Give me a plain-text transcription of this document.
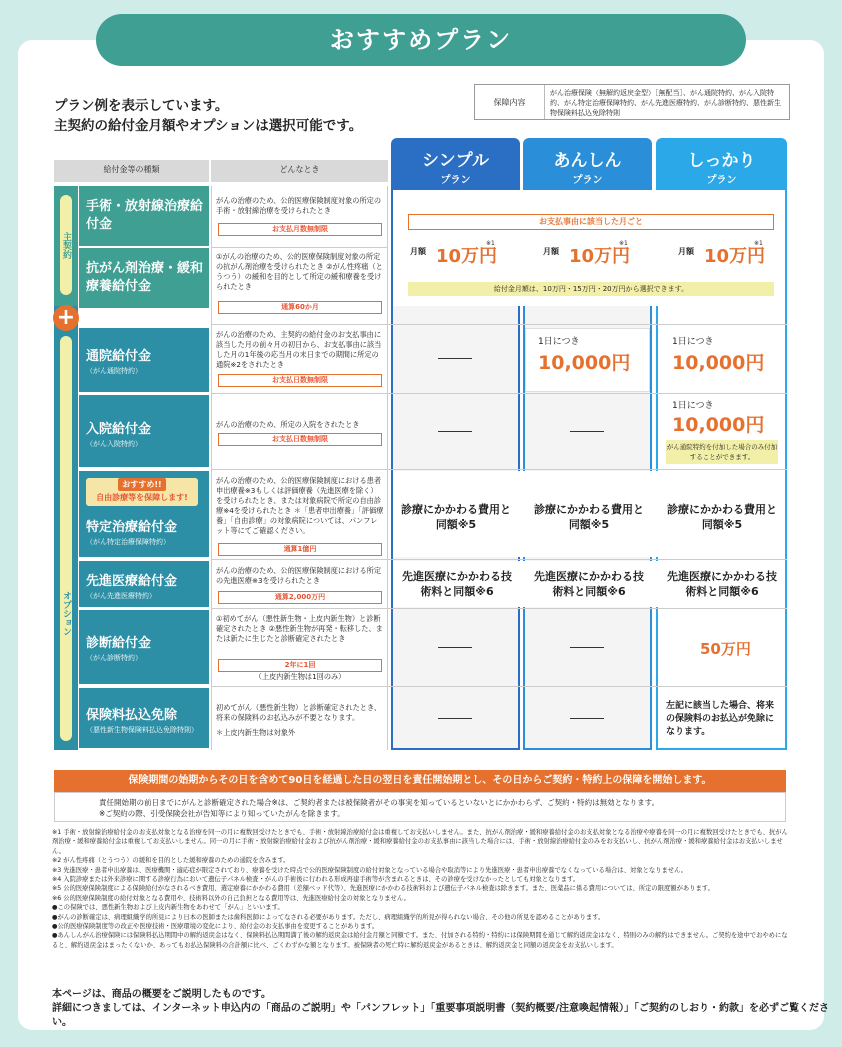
おすすめプラン
プラン例を表示しています。
主契約の給付金月額やオプションは選択可能です。
保障内容
がん治療保険（無解約返戻金型）［無配当］、がん通院特約、がん入院特約、がん特定治療保障特約、がん先進医療特約、がん診断特約、悪性新生物保険料払込免除特則
給付金等の種類	どんなとき	シンプル
プラン
あんしん
プラン
しっかり
プラン
主契約
オプション
+
手術・放射線治療給付金
抗がん剤治療・緩和療養給付金
通院給付金
（がん通院特約）
入院給付金
（がん入院特約）
おすすめ!!
自由診療等を保障します!
特定治療給付金
（がん特定治療保障特約）
先進医療給付金
（がん先進医療特約）
診断給付金
（がん診断特約）
保険料払込免除
（悪性新生物保険料払込免除特則）
がんの治療のため、公的医療保険制度対象の所定の手術・放射線治療を受けられたとき
お支払月数無制限
①がんの治療のため、公的医療保険制度対象の所定の抗がん剤治療を受けられたとき ②がん性疼痛（とうつう）の緩和を目的として所定の緩和療養を受けられたとき
通算60か月
がんの治療のため、主契約の給付金のお支払事由に該当した月の前々月の初日から、お支払事由に該当した月の1年後の応当月の末日までの期間に所定の通院※2をされたとき
お支払日数無制限
がんの治療のため、所定の入院をされたとき
お支払日数無制限
がんの治療のため、公的医療保険制度における患者申出療養※3もしくは評価療養（先進医療を除く）を受けられたとき、または対象病院で所定の自由診療※4を受けられたとき ＊「患者申出療養」「評価療養」「自由診療」の対象病院については、パンフレット等にてご確認ください。
通算1億円
がんの治療のため、公的医療保険制度における所定の先進医療※3を受けられたとき
通算2,000万円
①初めてがん（悪性新生物・上皮内新生物）と診断確定されたとき ②悪性新生物が再発・転移した、または新たに生じたと診断確定されたとき
2年に1回
（上皮内新生物は1回のみ）
初めてがん（悪性新生物）と診断確定されたとき、将来の保険料のお払込みが不要となります。
＊上皮内新生物は対象外
お支払事由に該当した月ごと
給付金月額は、10万円・15万円・20万円から選択できます。
月額 10万円
※1
月額 10万円
※1
月額 10万円
※1
1日につき
10,000円
1日につき
10,000円
1日につき
10,000円
がん通院特約を付加した場合のみ付加することができます。
診療にかかわる費用と同額※5
診療にかかわる費用と同額※5
診療にかかわる費用と同額※5
先進医療にかかわる技術料と同額※6
先進医療にかかわる技術料と同額※6
先進医療にかかわる技術料と同額※6
50万円
左記に該当した場合、将来の保険料のお払込が免除になります。
保険期間の始期からその日を含めて90日を経過した日の翌日を責任開始期とし、その日からご契約・特約上の保障を開始します。
責任開始期の前日までにがんと診断確定された場合※は、ご契約者または被保険者がその事実を知っているといないとにかかわらず、ご契約・特約は無効となります。
※ご契約の際、引受保険会社が告知等により知っていたがんを除きます。
※1 手術・放射線治療給付金のお支払対象となる治療を同一の月に複数回受けたときでも、手術・放射線治療給付金は重複してお支払いしません。また、抗がん剤治療・緩和療養給付金のお支払対象となる治療や療養を同一の月に複数回受けたときでも、抗がん剤治療・緩和療養給付金は重複してお支払いしません。同一の月に手術・放射線治療給付金および抗がん剤治療・緩和療養給付金のお支払事由に該当した場合には、手術・放射線治療給付金のみをお支払いし、抗がん剤治療・緩和療養給付金はお支払いしません。
※2 がん性疼痛（とうつう）の緩和を目的とした緩和療養のための通院を含みます。
※3 先進医療・患者申出療養は、医療機関・適応症が限定されており、療養を受けた時点で公的医療保険制度の給付対象となっている場合や取消等により先進医療・患者申出療養でなくなっている場合は、対象となりません。
※4 入院診療または外来診療に関する診療行為において遺伝子パネル検査・がんの手術後に行われる形成再建手術等が含まれるときは、その診療を受けなかったとしても対象となります。
※5 公的医療保険制度による保険給付がなされるべき費用、選定療養にかかわる費用（差額ベッド代等）、先進医療にかかわる技術料および遺伝子パネル検査は除きます。また、医薬品に係る費用については、所定の限度額があります。
※6 公的医療保険制度の給付対象となる費用や、技術料以外の自己負担となる費用等は、先進医療給付金の対象となりません。
●この保険では、悪性新生物および上皮内新生物をあわせて「がん」といいます。
●がんの診断確定は、病理組織学的所見により日本の医師または歯科医師によってなされる必要があります。ただし、病理組織学的所見が得られない場合、その他の所見を認めることがあります。
●公的医療保険制度等の改正や医療技術・医療環境の変化により、給付金のお支払事由を変更することがあります。
●あんしんがん治療保険には保険料払込期間中の解約返戻金はなく、保険料払込期間満了後の解約返戻金は給付金月額と同額です。また、付加される特約・特約には保険期間を通じて解約返戻金はなく、特則のみの解約はできません。ご契約を途中でおやめになると、解約返戻金はまったくないか、あってもお払込保険料の合計額に比べ、ごくわずかな額となります。被保険者の死亡時に解約返戻金があるときは、解約返戻金と同額の返戻金をお支払いします。
本ページは、商品の概要をご説明したものです。
詳細につきましては、インターネット申込内の「商品のご説明」や「パンフレット」「重要事項説明書（契約概要/注意喚起情報）」「ご契約のしおり・約款」を必ずご覧ください。
